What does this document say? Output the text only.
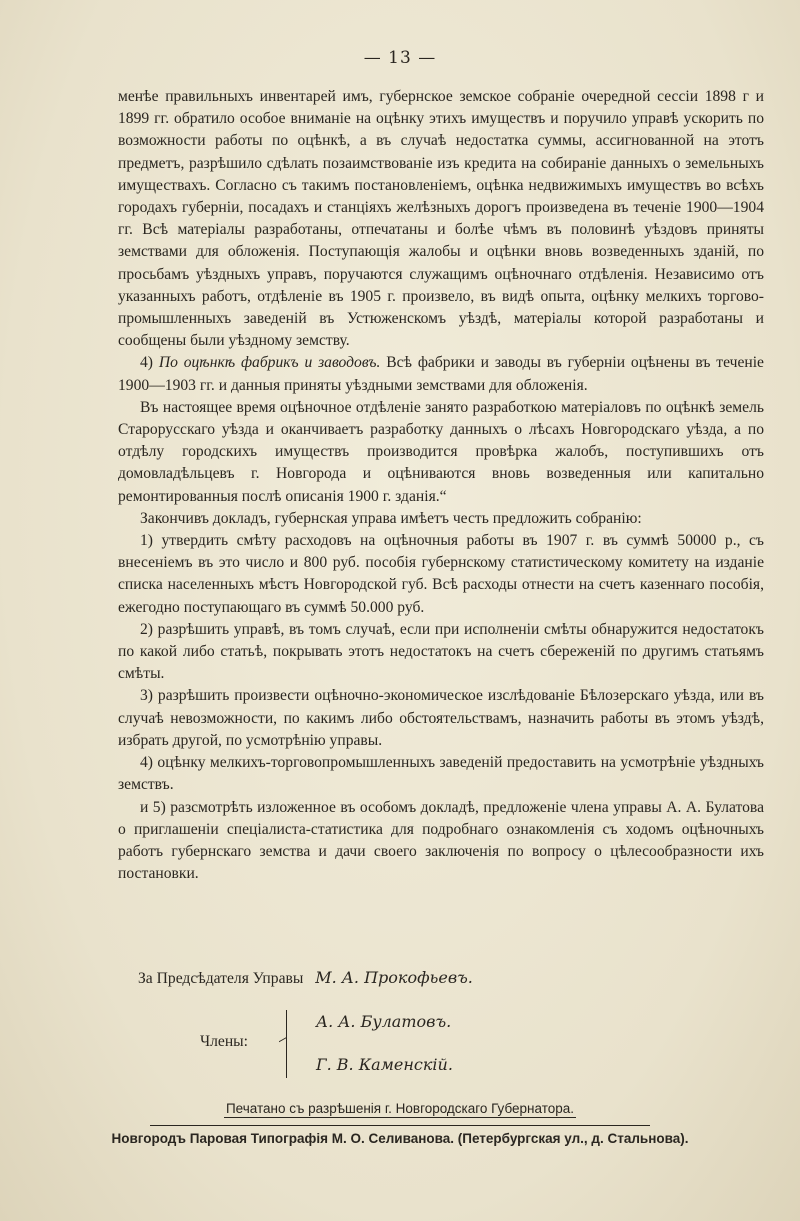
— 13 —

менѣе правильныхъ инвентарей имъ, губернское земское собраніе очередной сессіи 1898 г и 1899 гг. обратило особое вниманіе на оцѣнку этихъ имуществъ и поручило управѣ ускорить по возможности работы по оцѣнкѣ, а въ случаѣ недостатка суммы, ассигнованной на этотъ предметъ, разрѣшило сдѣлать позаимствованіе изъ кредита на собираніе данныхъ о земельныхъ имуществахъ. Согласно съ такимъ постановленіемъ, оцѣнка недвижимыхъ имуществъ во всѣхъ городахъ губерніи, посадахъ и станціяхъ желѣзныхъ дорогъ произведена въ теченіе 1900—1904 гг. Всѣ матеріалы разработаны, отпечатаны и болѣе чѣмъ въ половинѣ уѣздовъ приняты земствами для обложенія. Поступающія жалобы и оцѣнки вновь возведенныхъ зданій, по просьбамъ уѣздныхъ управъ, поручаются служащимъ оцѣночнаго отдѣленія. Независимо отъ указанныхъ работъ, отдѣленіе въ 1905 г. произвело, въ видѣ опыта, оцѣнку мелкихъ торгово-промышленныхъ заведеній въ Устюженскомъ уѣздѣ, матеріалы которой разработаны и сообщены были уѣздному земству.

4) По оцѣнкѣ фабрикъ и заводовъ. Всѣ фабрики и заводы въ губерніи оцѣнены въ теченіе 1900—1903 гг. и данныя приняты уѣздными земствами для обложенія.

Въ настоящее время оцѣночное отдѣленіе занято разработкою матеріаловъ по оцѣнкѣ земель Старорусскаго уѣзда и оканчиваетъ разработку данныхъ о лѣсахъ Новгородскаго уѣзда, а по отдѣлу городскихъ имуществъ производится провѣрка жалобъ, поступившихъ отъ домовладѣльцевъ г. Новгорода и оцѣниваются вновь возведенныя или капитально ремонтированныя послѣ описанія 1900 г. зданія.“

Закончивъ докладъ, губернская управа имѣетъ честь предложить собранію:

1) утвердить смѣту расходовъ на оцѣночныя работы въ 1907 г. въ суммѣ 50000 р., съ внесеніемъ въ это число и 800 руб. пособія губернскому статистическому комитету на изданіе списка населенныхъ мѣстъ Новгородской губ. Всѣ расходы отнести на счетъ казеннаго пособія, ежегодно поступающаго въ суммѣ 50.000 руб.

2) разрѣшить управѣ, въ томъ случаѣ, если при исполненіи смѣты обнаружится недостатокъ по какой либо статьѣ, покрывать этотъ недостатокъ на счетъ сбереженій по другимъ статьямъ смѣты.

3) разрѣшить произвести оцѣночно-экономическое изслѣдованіе Бѣлозерскаго уѣзда, или въ случаѣ невозможности, по какимъ либо обстоятельствамъ, назначить работы въ этомъ уѣздѣ, избрать другой, по усмотрѣнію управы.

4) оцѣнку мелкихъ-торговопромышленныхъ заведеній предоставить на усмотрѣніе уѣздныхъ земствъ.

и 5) разсмотрѣть изложенное въ особомъ докладѣ, предложеніе члена управы А. А. Булатова о приглашеніи спеціалиста-статистика для подробнаго ознакомленія съ ходомъ оцѣночныхъ работъ губернскаго земства и дачи своего заключенія по вопросу о цѣлесообразности ихъ постановки.

За Предсѣдателя Управы М. А. Прокофьевъ.
Члены:
А. А. Булатовъ.
Г. В. Каменскій.
Печатано съ разрѣшенія г. Новгородскаго Губернатора.
Новгородъ Паровая Типографія М. О. Селиванова. (Петербургская ул., д. Стальнова).
